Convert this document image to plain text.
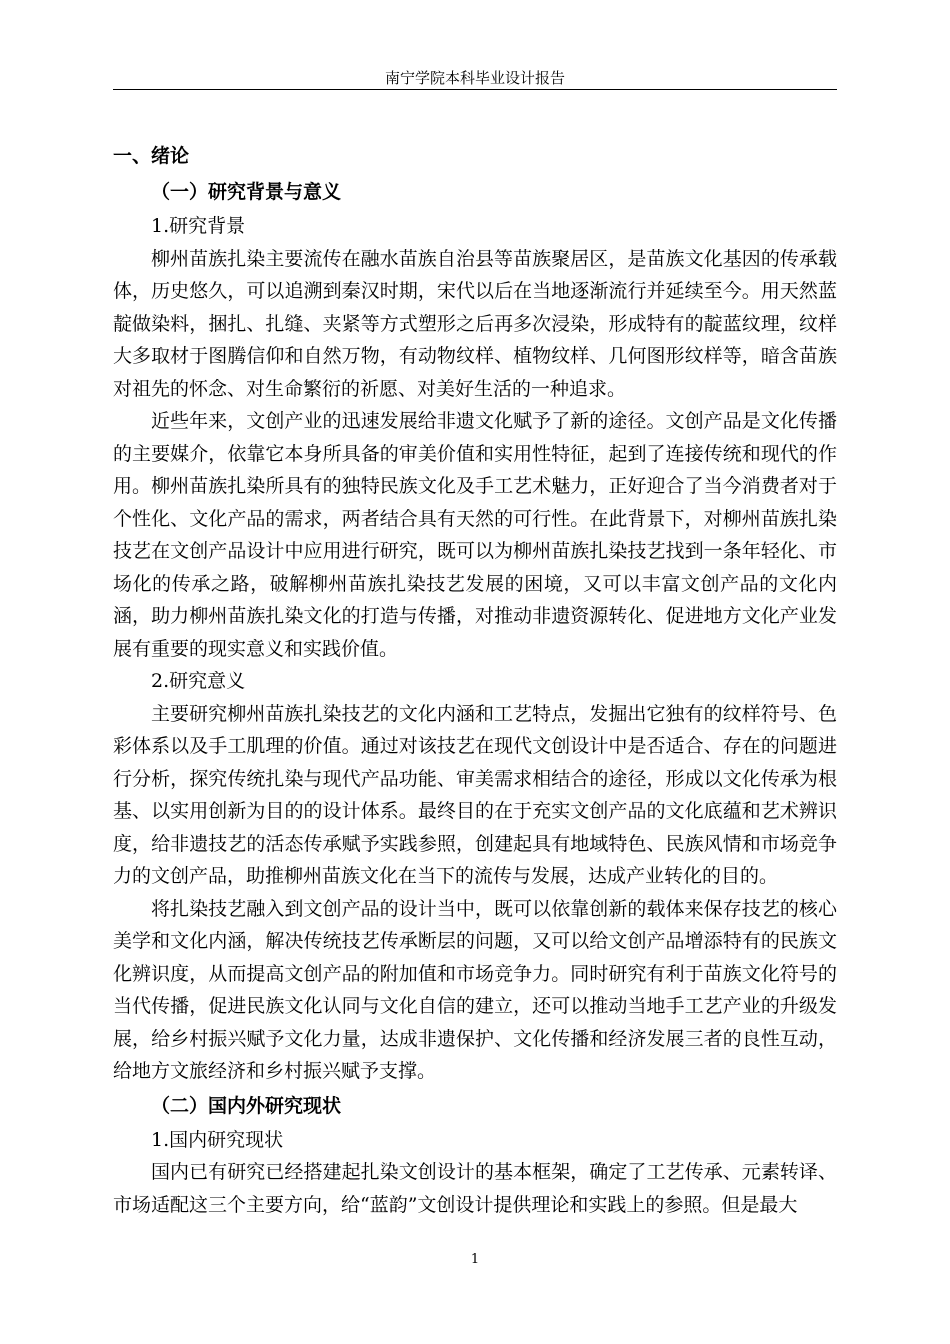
南宁学院本科毕业设计报告
一、绪论
（一）研究背景与意义
1.研究背景

柳州苗族扎染主要流传在融水苗族自治县等苗族聚居区，是苗族文化基因的传承载体，历史悠久，可以追溯到秦汉时期，宋代以后在当地逐渐流行并延续至今。用天然蓝靛做染料，捆扎、扎缝、夹紧等方式塑形之后再多次浸染，形成特有的靛蓝纹理，纹样大多取材于图腾信仰和自然万物，有动物纹样、植物纹样、几何图形纹样等，暗含苗族对祖先的怀念、对生命繁衍的祈愿、对美好生活的一种追求。

近些年来，文创产业的迅速发展给非遗文化赋予了新的途径。文创产品是文化传播的主要媒介，依靠它本身所具备的审美价值和实用性特征，起到了连接传统和现代的作用。柳州苗族扎染所具有的独特民族文化及手工艺术魅力，正好迎合了当今消费者对于个性化、文化产品的需求，两者结合具有天然的可行性。在此背景下，对柳州苗族扎染技艺在文创产品设计中应用进行研究，既可以为柳州苗族扎染技艺找到一条年轻化、市场化的传承之路，破解柳州苗族扎染技艺发展的困境，又可以丰富文创产品的文化内涵，助力柳州苗族扎染文化的打造与传播，对推动非遗资源转化、促进地方文化产业发展有重要的现实意义和实践价值。

2.研究意义

主要研究柳州苗族扎染技艺的文化内涵和工艺特点，发掘出它独有的纹样符号、色彩体系以及手工肌理的价值。通过对该技艺在现代文创设计中是否适合、存在的问题进行分析，探究传统扎染与现代产品功能、审美需求相结合的途径，形成以文化传承为根基、以实用创新为目的的设计体系。最终目的在于充实文创产品的文化底蕴和艺术辨识度，给非遗技艺的活态传承赋予实践参照，创建起具有地域特色、民族风情和市场竞争力的文创产品，助推柳州苗族文化在当下的流传与发展，达成产业转化的目的。

将扎染技艺融入到文创产品的设计当中，既可以依靠创新的载体来保存技艺的核心美学和文化内涵，解决传统技艺传承断层的问题，又可以给文创产品增添特有的民族文化辨识度，从而提高文创产品的附加值和市场竞争力。同时研究有利于苗族文化符号的当代传播，促进民族文化认同与文化自信的建立，还可以推动当地手工艺产业的升级发展，给乡村振兴赋予文化力量，达成非遗保护、文化传播和经济发展三者的良性互动，给地方文旅经济和乡村振兴赋予支撑。

（二）国内外研究现状
1.国内研究现状

国内已有研究已经搭建起扎染文创设计的基本框架，确定了工艺传承、元素转译、市场适配这三个主要方向，给“蓝韵”文创设计提供理论和实践上的参照。但是最大

1
